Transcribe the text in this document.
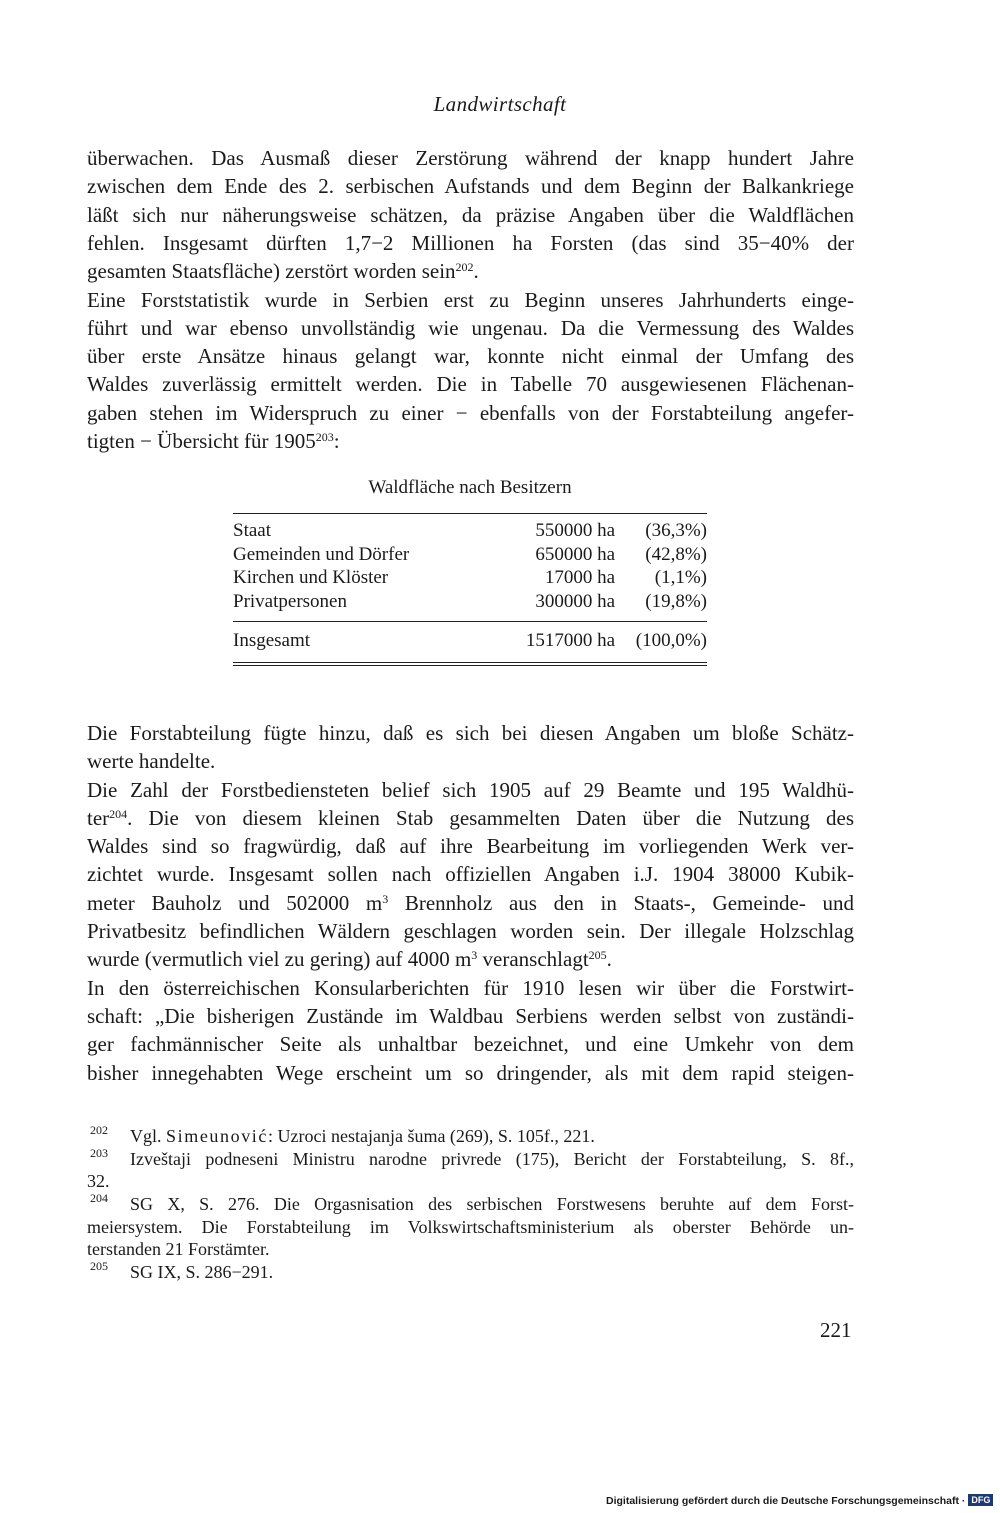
Landwirtschaft
überwachen. Das Ausmaß dieser Zerstörung während der knapp hundert Jahre
zwischen dem Ende des 2. serbischen Aufstands und dem Beginn der Balkankriege
läßt sich nur näherungsweise schätzen, da präzise Angaben über die Waldflächen
fehlen. Insgesamt dürften 1,7−2 Millionen ha Forsten (das sind 35−40% der
gesamten Staatsfläche) zerstört worden sein$^{202}$.
Eine Forststatistik wurde in Serbien erst zu Beginn unseres Jahrhunderts einge-
führt und war ebenso unvollständig wie ungenau. Da die Vermessung des Waldes
über erste Ansätze hinaus gelangt war, konnte nicht einmal der Umfang des
Waldes zuverlässig ermittelt werden. Die in Tabelle 70 ausgewiesenen Flächenan-
gaben stehen im Widerspruch zu einer − ebenfalls von der Forstabteilung angefer-
tigten − Übersicht für 1905$^{203}$:
Waldfläche nach Besitzern
Staat	550000 ha (36,3%)
Gemeinden und Dörfer	650000 ha (42,8%)
Kirchen und Klöster	17000 ha (1,1%)
Privatpersonen	300000 ha (19,8%)
Insgesamt	1517000 ha (100,0%)
Die Forstabteilung fügte hinzu, daß es sich bei diesen Angaben um bloße Schätz-
werte handelte.
Die Zahl der Forstbediensteten belief sich 1905 auf 29 Beamte und 195 Waldhü-
ter$^{204}$. Die von diesem kleinen Stab gesammelten Daten über die Nutzung des
Waldes sind so fragwürdig, daß auf ihre Bearbeitung im vorliegenden Werk ver-
zichtet wurde. Insgesamt sollen nach offiziellen Angaben i.J. 1904 38000 Kubik-
meter Bauholz und 502000 $m^3$ Brennholz aus den in Staats-, Gemeinde- und
Privatbesitz befindlichen Wäldern geschlagen worden sein. Der illegale Holzschlag
wurde (vermutlich viel zu gering) auf 4000 $m^3$ veranschlagt$^{205}$.
In den österreichischen Konsularberichten für 1910 lesen wir über die Forstwirt-
schaft: „Die bisherigen Zustände im Waldbau Serbiens werden selbst von zuständi-
ger fachmännischer Seite als unhaltbar bezeichnet, und eine Umkehr von dem
bisher innegehabten Wege erscheint um so dringender, als mit dem rapid steigen-
202 Vgl. Simeunović: Uzroci nestajanja šuma (269), S. 105f., 221.
203 Izveštaji podneseni Ministru narodne privrede (175), Bericht der Forstabteilung, S. 8f.,
32.
204 SG X, S. 276. Die Orgasnisation des serbischen Forstwesens beruhte auf dem Forst-
meiersystem. Die Forstabteilung im Volkswirtschaftsministerium als oberster Behörde un-
terstanden 21 Forstämter.
205 SG IX, S. 286−291.
221
Digitalisierung gefördert durch die Deutsche Forschungsgemeinschaft · DFG
